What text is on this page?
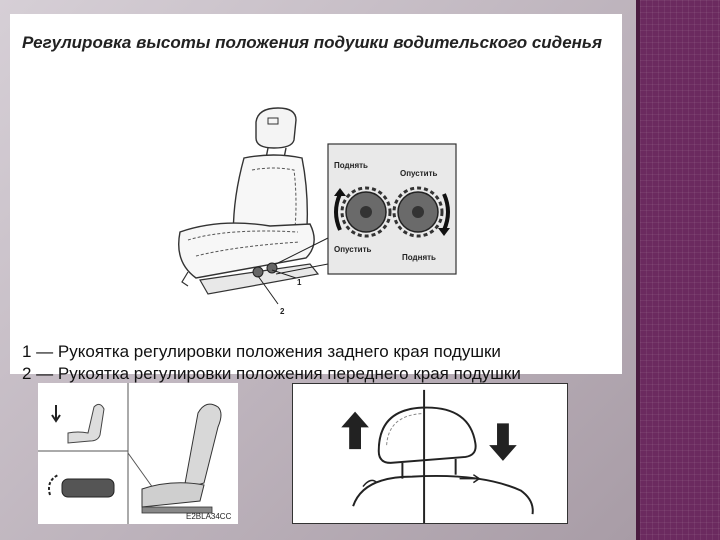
Регулировка высоты положения подушки водительского сиденья
1
2
Поднять
Опустить
Опустить
Поднять
1 — Рукоятка регулировки положения заднего края подушки
2 — Рукоятка регулировки положения переднего края подушки
E2BLA34CC
